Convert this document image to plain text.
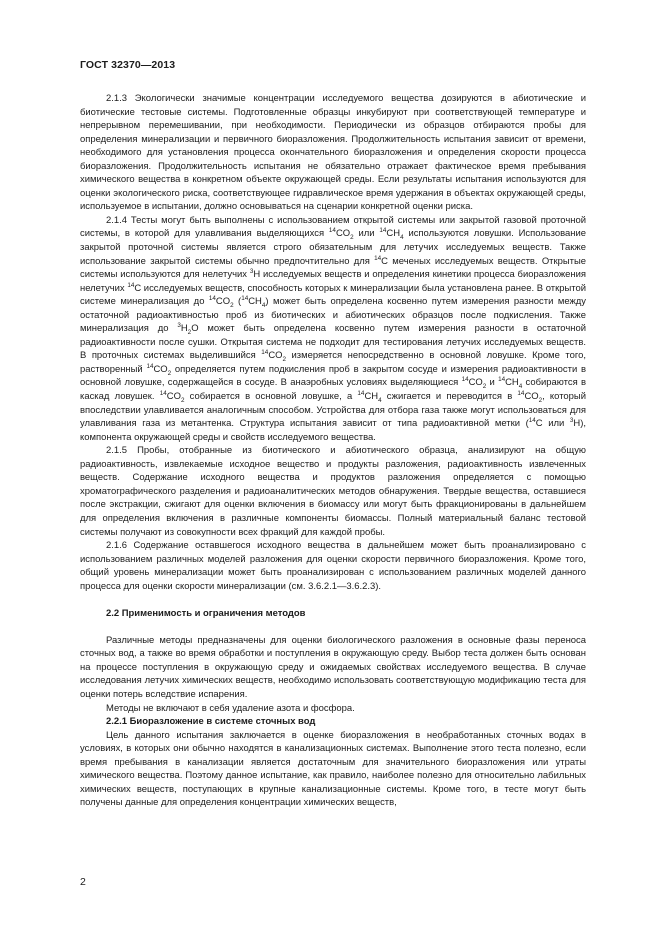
ГОСТ 32370—2013

2.1.3 Экологически значимые концентрации исследуемого вещества дозируются в абиотические и биотические тестовые системы. Подготовленные образцы инкубируют при соответствующей температуре и непрерывном перемешивании, при необходимости. Периодически из образцов отбираются пробы для определения минерализации и первичного биоразложения. Продолжительность испытания зависит от времени, необходимого для установления процесса окончательного биоразложения и определения скорости процесса биоразложения. Продолжительность испытания не обязательно отражает фактическое время пребывания химического вещества в конкретном объекте окружающей среды. Если результаты испытания используются для оценки экологического риска, соответствующее гидравлическое время удержания в объектах окружающей среды, используемое в испытании, должно основываться на сценарии конкретной оценки риска.

2.1.4 Тесты могут быть выполнены с использованием открытой системы или закрытой газовой проточной системы, в которой для улавливания выделяющихся $^{14}CO_2$ или $^{14}CH_4$ используются ловушки. Использование закрытой проточной системы является строго обязательным для летучих исследуемых веществ. Также использование закрытой системы обычно предпочтительно для $^{14}$C меченых исследуемых веществ. Открытые системы используются для нелетучих $^3$H исследуемых веществ и определения кинетики процесса биоразложения нелетучих $^{14}$C исследуемых веществ, способность которых к минерализации была установлена ранее. В открытой системе минерализация до $^{14}CO_2$ $(^{14}CH_4)$ может быть определена косвенно путем измерения разности между остаточной радиоактивностью проб из биотических и абиотических образцов после подкисления. Также минерализация до $^3H_2O$ может быть определена косвенно путем измерения разности в остаточной радиоактивности после сушки. Открытая система не подходит для тестирования летучих исследуемых веществ. В проточных системах выделившийся $^{14}CO_2$ измеряется непосредственно в основной ловушке. Кроме того, растворенный $^{14}CO_2$ определяется путем подкисления проб в закрытом сосуде и измерения радиоактивности в основной ловушке, содержащейся в сосуде. В анаэробных условиях выделяющиеся $^{14}CO_2$ и $^{14}CH_4$ собираются в каскад ловушек. $^{14}CO_2$ собирается в основной ловушке, а $^{14}CH_4$ сжигается и переводится в $^{14}CO_2$, который впоследствии улавливается аналогичным способом. Устройства для отбора газа также могут использоваться для улавливания газа из метантенка. Структура испытания зависит от типа радиоактивной метки ($^{14}$C или $^3$H), компонента окружающей среды и свойств исследуемого вещества.

2.1.5 Пробы, отобранные из биотического и абиотического образца, анализируют на общую радиоактивность, извлекаемые исходное вещество и продукты разложения, радиоактивность извлеченных веществ. Содержание исходного вещества и продуктов разложения определяется с помощью хроматографического разделения и радиоаналитических методов обнаружения. Твердые вещества, оставшиеся после экстракции, сжигают для оценки включения в биомассу или могут быть фракционированы в дальнейшем для определения включения в различные компоненты биомассы. Полный материальный баланс тестовой системы получают из совокупности всех фракций для каждой пробы.

2.1.6 Содержание оставшегося исходного вещества в дальнейшем может быть проанализировано с использованием различных моделей разложения для оценки скорости первичного биоразложения. Кроме того, общий уровень минерализации может быть проанализирован с использованием различных моделей данного процесса для оценки скорости минерализации (см. 3.6.2.1—3.6.2.3).

2.2 Применимость и ограничения методов

Различные методы предназначены для оценки биологического разложения в основные фазы переноса сточных вод, а также во время обработки и поступления в окружающую среду. Выбор теста должен быть основан на процессе поступления в окружающую среду и ожидаемых свойствах исследуемого вещества. В случае исследования летучих химических веществ, необходимо использовать соответствующую модификацию теста для оценки потерь вследствие испарения.

Методы не включают в себя удаление азота и фосфора.

2.2.1 Биоразложение в системе сточных вод

Цель данного испытания заключается в оценке биоразложения в необработанных сточных водах в условиях, в которых они обычно находятся в канализационных системах. Выполнение этого теста полезно, если время пребывания в канализации является достаточным для значительного биоразложения или утраты химического вещества. Поэтому данное испытание, как правило, наиболее полезно для относительно лабильных химических веществ, поступающих в крупные канализационные системы. Кроме того, в тесте могут быть получены данные для определения концентрации химических веществ,

2
